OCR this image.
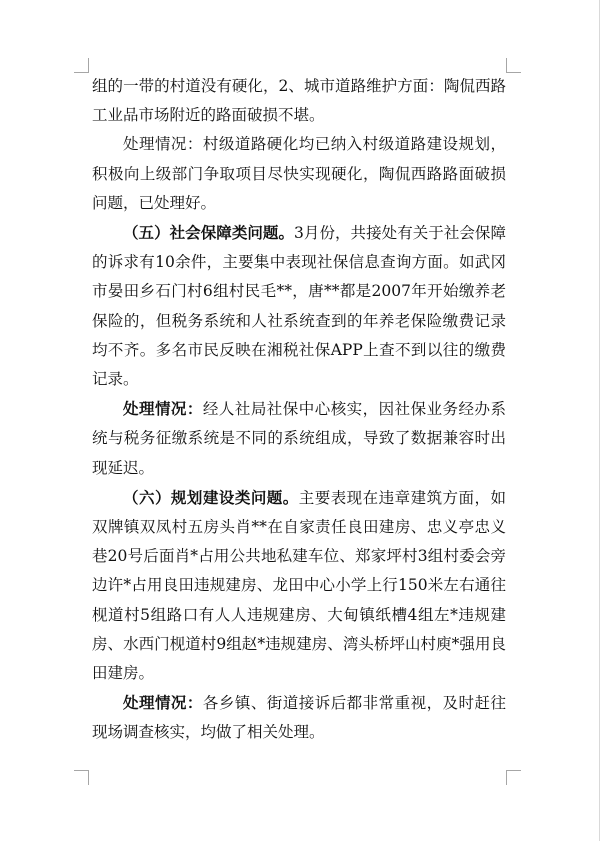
组的一带的村道没有硬化，2、城市道路维护方面：陶侃西路工业品市场附近的路面破损不堪。

处理情况：村级道路硬化均已纳入村级道路建设规划，积极向上级部门争取项目尽快实现硬化，陶侃西路路面破损问题，已处理好。

（五）社会保障类问题。3月份，共接处有关于社会保障的诉求有10余件，主要集中表现社保信息查询方面。如武冈市晏田乡石门村6组村民毛**，唐**都是2007年开始缴养老保险的，但税务系统和人社系统查到的年养老保险缴费记录均不齐。多名市民反映在湘税社保APP上查不到以往的缴费记录。

处理情况：经人社局社保中心核实，因社保业务经办系统与税务征缴系统是不同的系统组成，导致了数据兼容时出现延迟。

（六）规划建设类问题。主要表现在违章建筑方面，如双牌镇双凤村五房头肖**在自家责任良田建房、忠义亭忠义巷20号后面肖*占用公共地私建车位、郑家坪村3组村委会旁边许*占用良田违规建房、龙田中心小学上行150米左右通往枧道村5组路口有人人违规建房、大甸镇纸槽4组左*违规建房、水西门枧道村9组赵*违规建房、湾头桥坪山村庾*强用良田建房。

处理情况：各乡镇、街道接诉后都非常重视，及时赶往现场调查核实，均做了相关处理。
